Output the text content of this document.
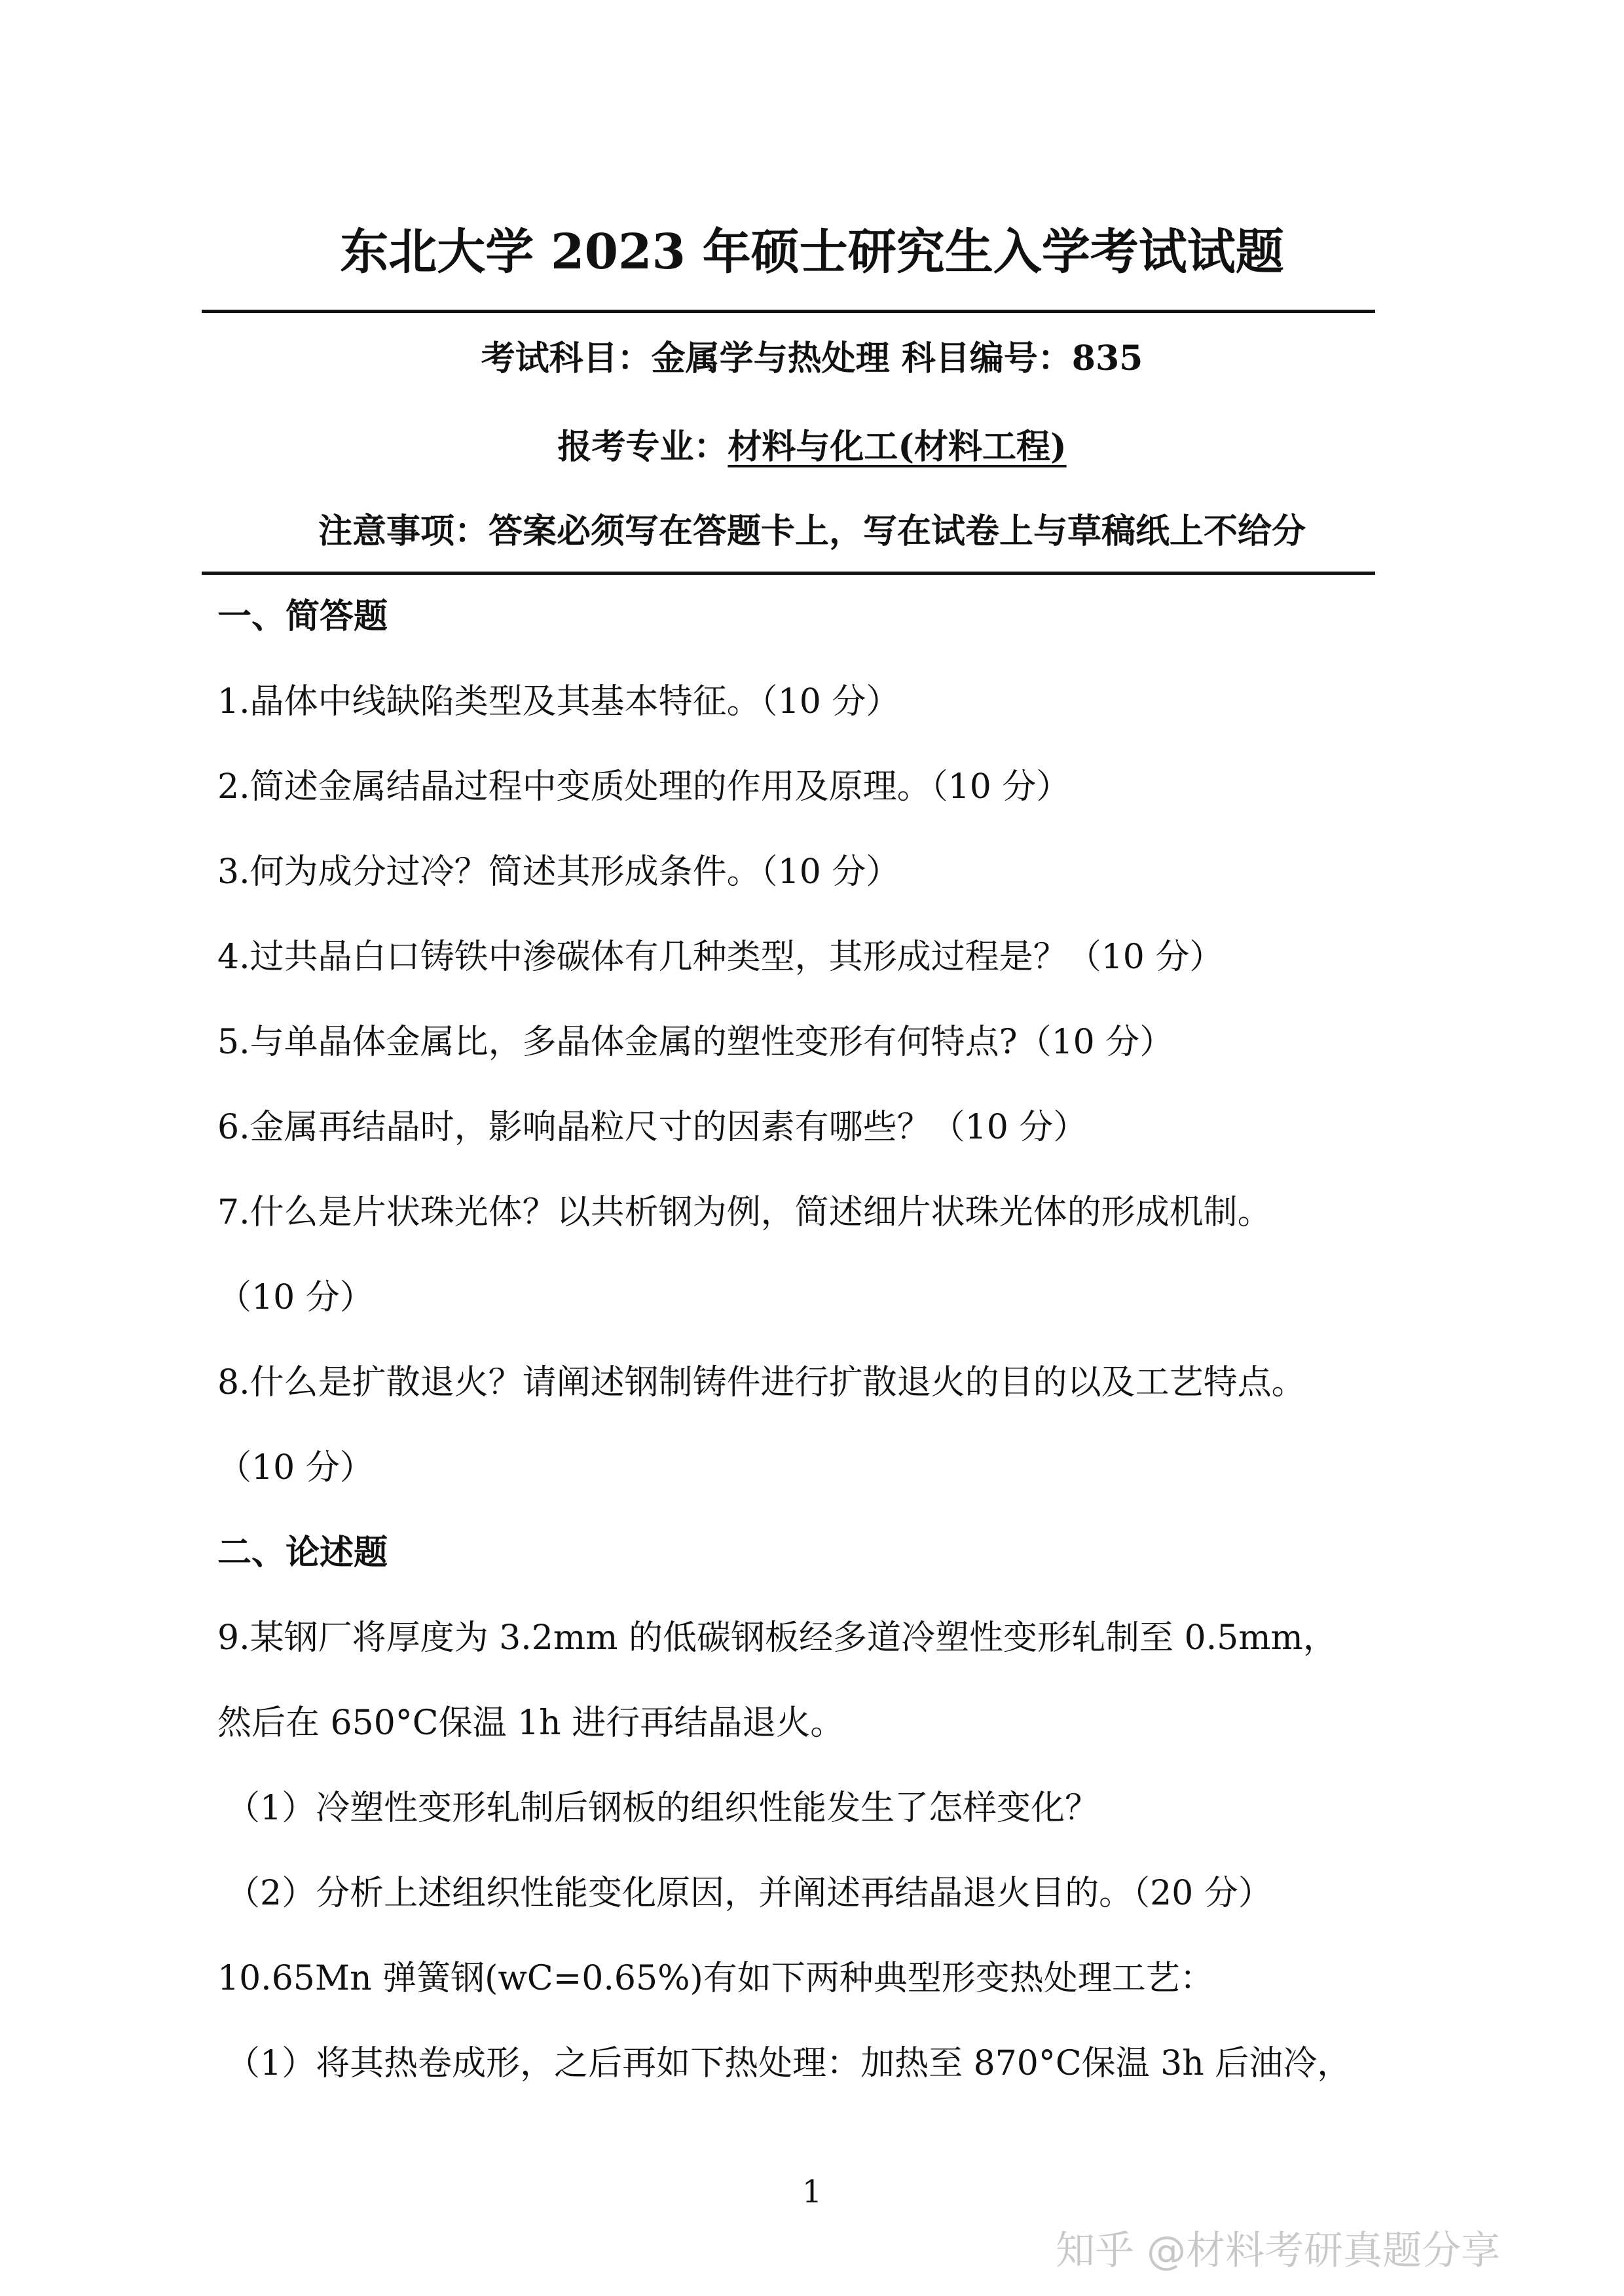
东北大学 2023 年硕士研究生入学考试试题
考试科目：金属学与热处理 科目编号：835
报考专业：材料与化工(材料工程)
注意事项：答案必须写在答题卡上，写在试卷上与草稿纸上不给分
一、简答题
1.晶体中线缺陷类型及其基本特征。（10 分）
2.简述金属结晶过程中变质处理的作用及原理。（10 分）
3.何为成分过冷？简述其形成条件。（10 分）
4.过共晶白口铸铁中渗碳体有几种类型，其形成过程是？（10 分）
5.与单晶体金属比，多晶体金属的塑性变形有何特点?（10 分）
6.金属再结晶时，影响晶粒尺寸的因素有哪些？（10 分）
7.什么是片状珠光体？以共析钢为例，简述细片状珠光体的形成机制。
（10 分）
8.什么是扩散退火？请阐述钢制铸件进行扩散退火的目的以及工艺特点。
（10 分）
二、论述题
9.某钢厂将厚度为 3.2mm 的低碳钢板经多道冷塑性变形轧制至 0.5mm，
然后在 650°C保温 1h 进行再结晶退火。
（1）冷塑性变形轧制后钢板的组织性能发生了怎样变化？
（2）分析上述组织性能变化原因，并阐述再结晶退火目的。（20 分）
10.65Mn 弹簧钢(wC=0.65%)有如下两种典型形变热处理工艺：
（1）将其热卷成形，之后再如下热处理：加热至 870°C保温 3h 后油冷，
1
知乎 @材料考研真题分享
